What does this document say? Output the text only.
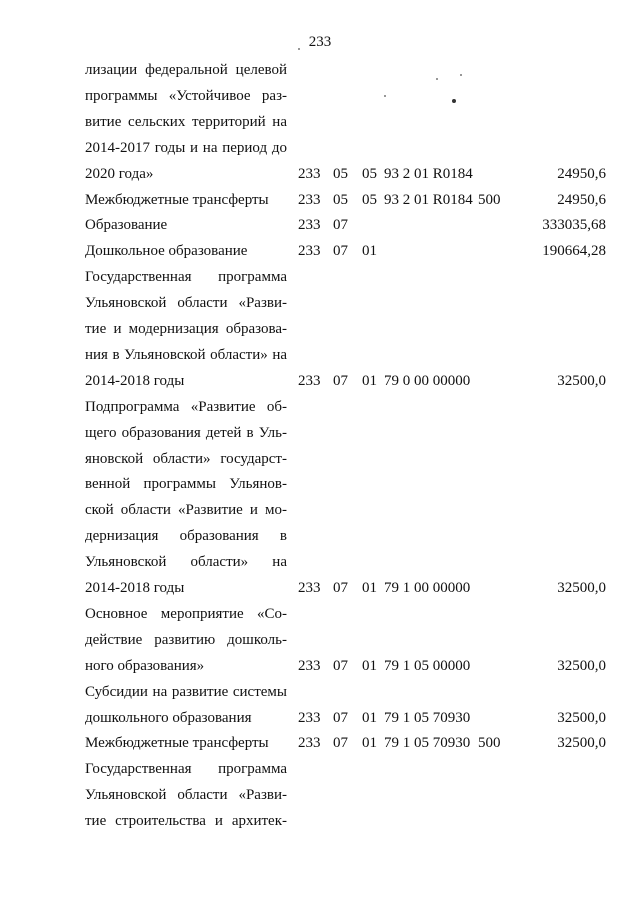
233
лизации федеральной целевой
программы «Устойчивое раз-
витие сельских территорий на
2014-2017 годы и на период до
2020 года»	233 05 05 93 2 01 R0184	24950,6
Межбюджетные трансферты	233 05 05 93 2 01 R0184 500	24950,6
Образование	233 07	333035,68
Дошкольное образование	233 07 01	190664,28
Государственная программа
Ульяновской области «Разви-
тие и модернизация образова-
ния в Ульяновской области» на
2014-2018 годы	233 07 01 79 0 00 00000	32500,0
Подпрограмма «Развитие об-
щего образования детей в Уль-
яновской области» государст-
венной программы Ульянов-
ской области «Развитие и мо-
дернизация образования в
Ульяновской области» на
2014-2018 годы	233 07 01 79 1 00 00000	32500,0
Основное мероприятие «Со-
действие развитию дошколь-
ного образования»	233 07 01 79 1 05 00000	32500,0
Субсидии на развитие системы
дошкольного образования	233 07 01 79 1 05 70930	32500,0
Межбюджетные трансферты	233 07 01 79 1 05 70930 500	32500,0
Государственная программа
Ульяновской области «Разви-
тие строительства и архитек-
